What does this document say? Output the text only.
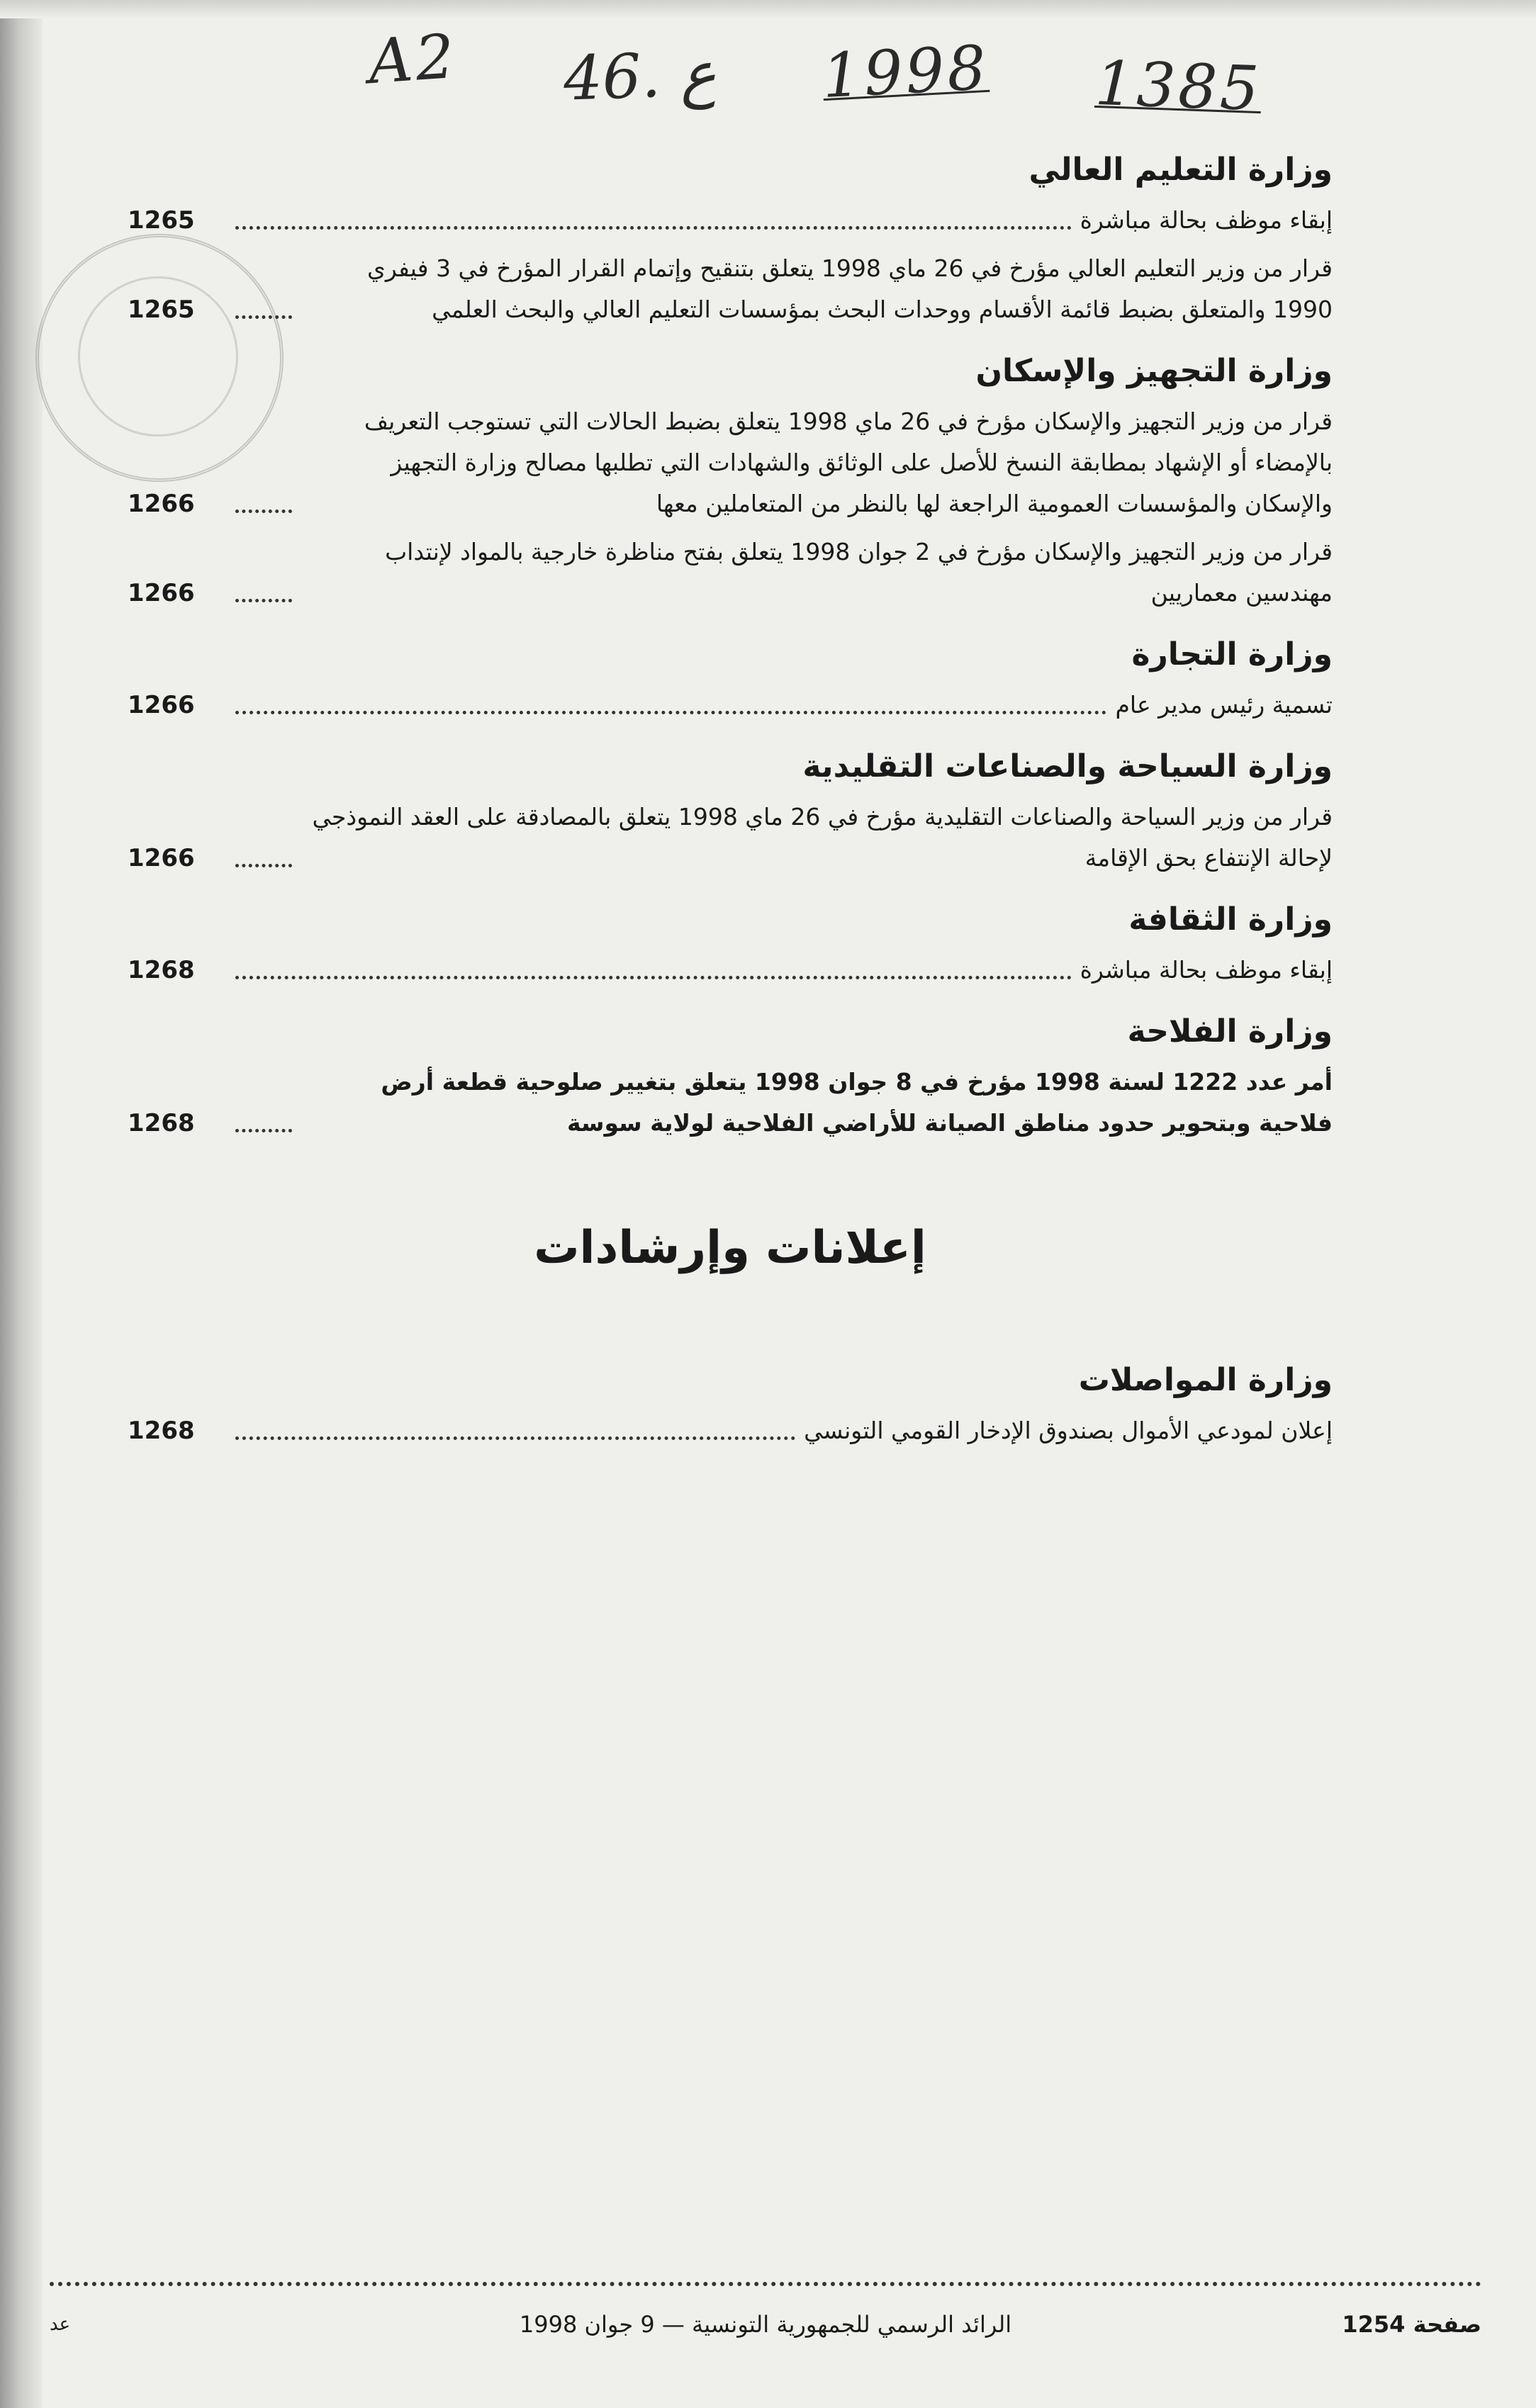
A2 46. ع 1998 1385
وزارة التعليم العالي
إبقاء موظف بحالة مباشرة
1265
قرار من وزير التعليم العالي مؤرخ في 26 ماي 1998 يتعلق بتنقيح وإتمام القرار المؤرخ في 3 فيفري 1990 والمتعلق بضبط قائمة الأقسام ووحدات البحث بمؤسسات التعليم العالي والبحث العلمي
1265
وزارة التجهيز والإسكان
قرار من وزير التجهيز والإسكان مؤرخ في 26 ماي 1998 يتعلق بضبط الحالات التي تستوجب التعريف بالإمضاء أو الإشهاد بمطابقة النسخ للأصل على الوثائق والشهادات التي تطلبها مصالح وزارة التجهيز والإسكان والمؤسسات العمومية الراجعة لها بالنظر من المتعاملين معها
1266
قرار من وزير التجهيز والإسكان مؤرخ في 2 جوان 1998 يتعلق بفتح مناظرة خارجية بالمواد لإنتداب مهندسين معماريين
1266
وزارة التجارة
تسمية رئيس مدير عام
1266
وزارة السياحة والصناعات التقليدية
قرار من وزير السياحة والصناعات التقليدية مؤرخ في 26 ماي 1998 يتعلق بالمصادقة على العقد النموذجي لإحالة الإنتفاع بحق الإقامة
1266
وزارة الثقافة
إبقاء موظف بحالة مباشرة
1268
وزارة الفلاحة
أمر عدد 1222 لسنة 1998 مؤرخ في 8 جوان 1998 يتعلق بتغيير صلوحية قطعة أرض فلاحية وبتحوير حدود مناطق الصيانة للأراضي الفلاحية لولاية سوسة
1268
إعلانات وإرشادات
وزارة المواصلات
إعلان لمودعي الأموال بصندوق الإدخار القومي التونسي
1268
صفحة 1254
الرائد الرسمي للجمهورية التونسية — 9 جوان 1998
عد
